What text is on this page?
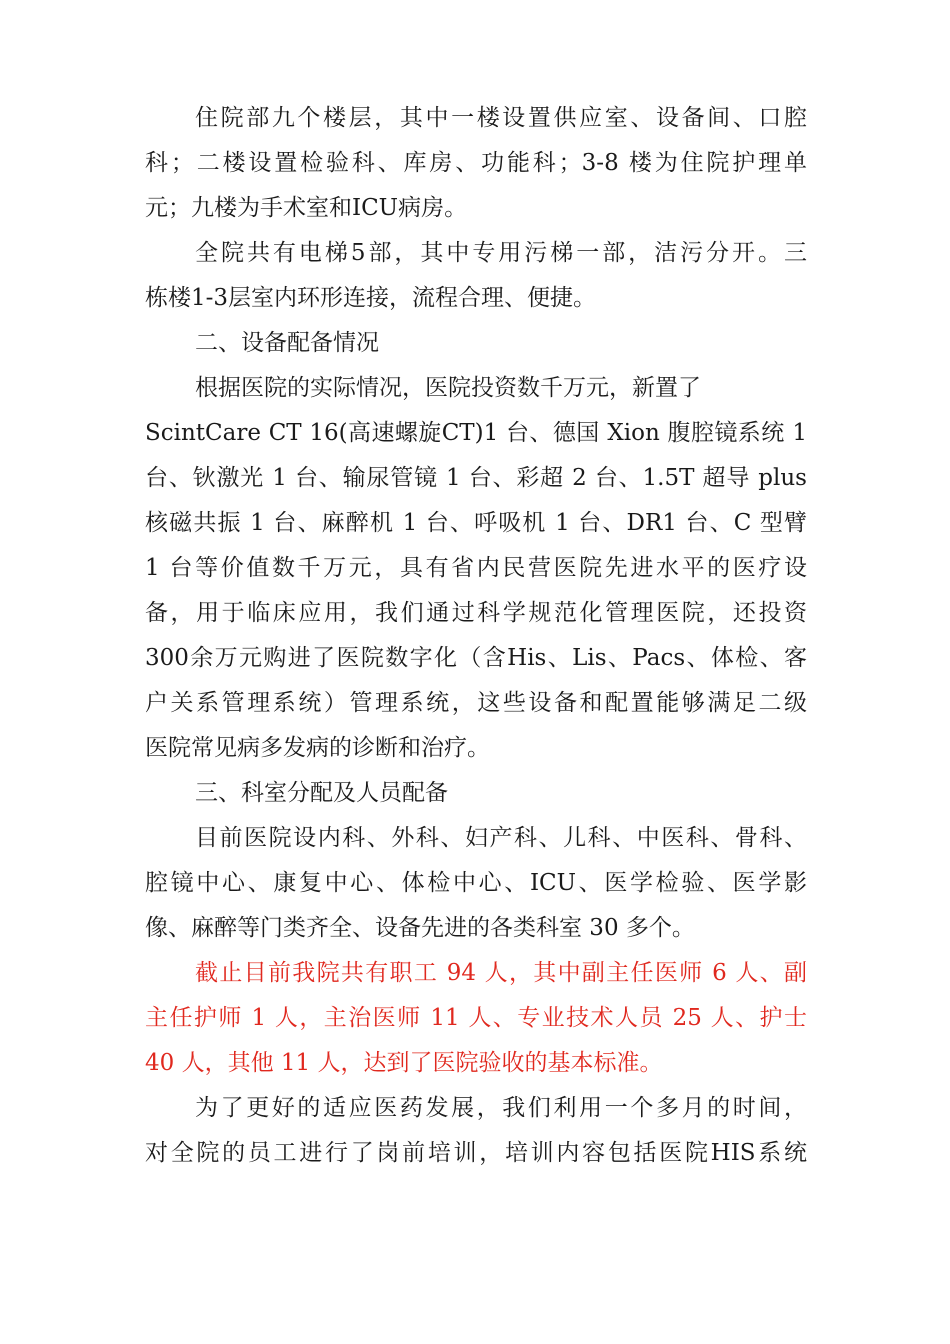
住院部九个楼层，其中一楼设置供应室、设备间、口腔
科；二楼设置检验科、库房、功能科；3-8 楼为住院护理单
元；九楼为手术室和ICU病房。
全院共有电梯5部，其中专用污梯一部，洁污分开。三
栋楼1-3层室内环形连接，流程合理、便捷。
二、设备配备情况
根据医院的实际情况，医院投资数千万元，新置了
ScintCare CT 16(高速螺旋CT)1 台、德国 Xion 腹腔镜系统 1
台、钬激光 1 台、输尿管镜 1 台、彩超 2 台、1.5T 超导 plus
核磁共振 1 台、麻醉机 1 台、呼吸机 1 台、DR1 台、C 型臂
1 台等价值数千万元，具有省内民营医院先进水平的医疗设
备，用于临床应用，我们通过科学规范化管理医院，还投资
300余万元购进了医院数字化（含His、Lis、Pacs、体检、客
户关系管理系统）管理系统，这些设备和配置能够满足二级
医院常见病多发病的诊断和治疗。
三、科室分配及人员配备
目前医院设内科、外科、妇产科、儿科、中医科、骨科、
腔镜中心、康复中心、体检中心、ICU、医学检验、医学影
像、麻醉等门类齐全、设备先进的各类科室 30 多个。
截止目前我院共有职工 94 人，其中副主任医师 6 人、副
主任护师 1 人，主治医师 11 人、专业技术人员 25 人、护士
40 人，其他 11 人，达到了医院验收的基本标准。
为了更好的适应医药发展，我们利用一个多月的时间，
对全院的员工进行了岗前培训，培训内容包括医院HIS系统
